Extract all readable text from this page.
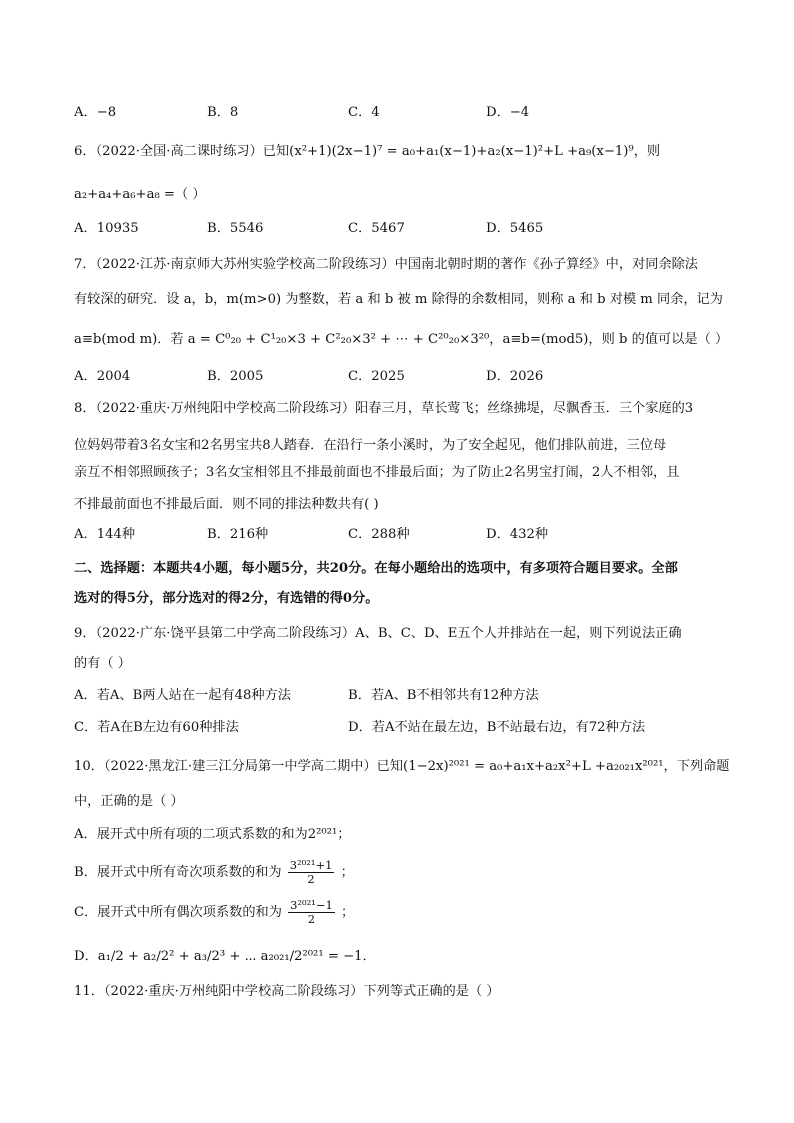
A．−8	B．8	C．4	D．−4
6．（2022·全国·高二课时练习）已知(x²+1)(2x−1)⁷ = a₀+a₁(x−1)+a₂(x−1)²+L +a₉(x−1)⁹，则
a₂+a₄+a₆+a₈ =（ ）
A．10935	B．5546	C．5467	D．5465
7．（2022·江苏·南京师大苏州实验学校高二阶段练习）中国南北朝时期的著作《孙子算经》中，对同余除法
有较深的研究．设 a，b，m(m>0) 为整数，若 a 和 b 被 m 除得的余数相同，则称 a 和 b 对模 m 同余，记为
a≡b(mod m)．若 a = C⁰₂₀ + C¹₂₀×3 + C²₂₀×3² + ⋯ + C²⁰₂₀×3²⁰，a≡b=(mod5)，则 b 的值可以是（ ）
A．2004	B．2005	C．2025	D．2026
8．（2022·重庆·万州纯阳中学校高二阶段练习）阳春三月，草长莺飞；丝绦拂堤，尽飘香玉．三个家庭的3
位妈妈带着3名女宝和2名男宝共8人踏春．在沿行一条小溪时，为了安全起见，他们排队前进，三位母
亲互不相邻照顾孩子；3名女宝相邻且不排最前面也不排最后面；为了防止2名男宝打闹，2人不相邻，且
不排最前面也不排最后面．则不同的排法种数共有( )
A．144种	B．216种	C．288种	D．432种
二、选择题：本题共4小题，每小题5分，共20分。在每小题给出的选项中，有多项符合题目要求。全部
选对的得5分，部分选对的得2分，有选错的得0分。
9．（2022·广东·饶平县第二中学高二阶段练习）A、B、C、D、E五个人并排站在一起，则下列说法正确
的有（ ）
A．若A、B两人站在一起有48种方法	B．若A、B不相邻共有12种方法
C．若A在B左边有60种排法	D．若A不站在最左边，B不站最右边，有72种方法
10．（2022·黑龙江·建三江分局第一中学高二期中）已知(1−2x)²⁰²¹ = a₀+a₁x+a₂x²+L +a₂₀₂₁x²⁰²¹，下列命题
中，正确的是（ ）
A．展开式中所有项的二项式系数的和为2²⁰²¹；
B．展开式中所有奇次项系数的和为 $\frac{\text{3²⁰²¹+1}}{2}$ ；
C．展开式中所有偶次项系数的和为 $\frac{\text{3²⁰²¹−1}}{2}$ ；
D．a₁/2 + a₂/2² + a₃/2³ + ⋯ a₂₀₂₁/2²⁰²¹ = −1．
11．（2022·重庆·万州纯阳中学校高二阶段练习）下列等式正确的是（ ）
